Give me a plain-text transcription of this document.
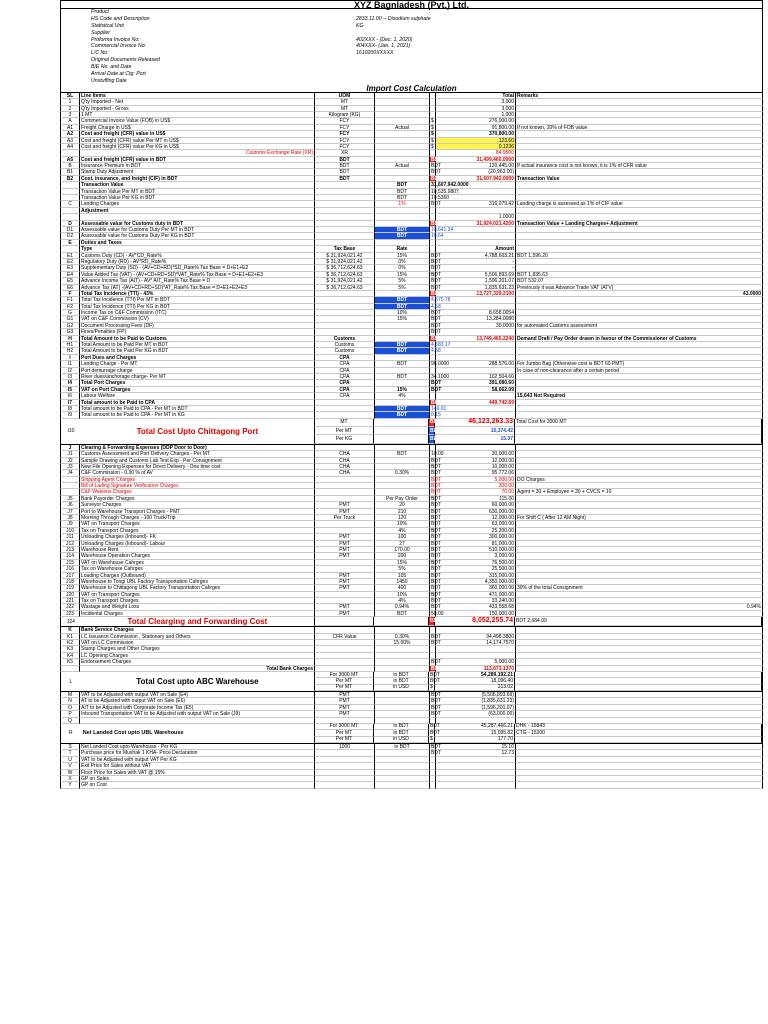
XYZ Bagnladesh (Pvt.) Ltd.
Product
HS Code and Description	2833.11.00 -- Disodium sulphate
Statistical Unit	KG
Supplier
Proforma Invoice No:	402XXX - (Dec. 1, 2020)
Commercial Invoice No:	404XXX- (Jan. 1, 2021)
L/C No:	1610200XXXXX
Original Documents Released
B/E No. and Date
Arrival Date at Ctg: Port
Unstuffing Date
Import Cost Calculation
SL	Line Items	UOM	Total Remarks
1	Q'ty Imported - Net	MT	3,000
2	Q'ty Imported - Gross	MT	3,000
3	1 MT	Kilogram (KG)	1,000
A	Commercial Invoice Value (FOB) in US$	FCY	$	276,000.00
A1	Freight Charge in US$	FCY	Actual	$	91,800.00 If not known, 20% of FOB value
A2	Cost and freight (CFR) value in US$	FCY	$	370,800.00
A3	Cost and freight (CFR) value Per MT in US$	FCY	$	123.60
A4	Cost and freight (CFR) value Per KG in US$	FCY	$	0.1236
Customs Exchange Rate (XR)	XR	84.9500
A5	Cost and freight (CFR) value in BDT	BDT	BDT	31,499,460.0000
B	Insurance Premium in BDT	BDT	Actual	BDT	120,445.00 If actual insurance cost is not known, it is 1% of CFR value
B1	Stamp Duty Adjustment	BDT	BDT	(20,963.00)
B2	Cost, insurance, and freight (CIF) in BDT	BDT	BDT	31,607,942.0000 Transaction Value
Transaction Value	BDT	31,607,942.0000
Transaction Value Per MT in BDT	BDT	10,535.9807
Transaction Value Per KG in BDT	BDT	10.5360
C	Landing Charges	1%	BDT	316,079.42 Landing charge is assessed as 1% of CIF value
Adjustment
1.0000
D	Assessable value for Customs duty in BDT	BDT	31,924,021.4200 Transaction Value + Landing Charges+ Adjustment
D1	Assessable value for Customs Duty Per MT in BDT	BDT	10,641.34
D2	Assessable value for Customs Duty Per KG in BDT	BDT	10.64
E	Duties and Taxes
Type	Tax Base	Rate	Amount
E1	Customs Duty (CD) - AV*CD_Rate%	$ 31,924,021.42	15%	BDT	4,788,603.21 BDT 1,596.20
E2	Regulatory Duty (RD) - AV*RD_Rate%	$ 31,924,021.42	0%	BDT	-
E3	Supplementary Duty (SD) - (AV+CD+RD)*SD_Rate% Tax Base = D+E1+E2	$ 36,712,624.63	0%	BDT	-
E4	Value Added Tax (VAT) - (AV+CD+RD+SD)*VAT_Rate% Tax Base = D+E1+E2+E3	$ 36,712,624.63	15%	BDT	5,506,893.69 BDT 1,835.63
E5	Advance Income Tax (AIT) - AV* AIT_Rate% Tax Base = D	$ 31,924,021.42	5%	BDT	1,596,201.07 BDT 532.07
E6	Advance Tax (AT) -(AV+CD+RD+SD)*AT_Rate% Tax Base = D+E1+E2+E3	$ 36,712,624.63	5%	BDT	1,835,631.23 Previously it was Advance Trade VAT (ATV)
F	Total Tax Incidence (TTI) - 43%	BDT	13,727,329.2100	43.0000
F1	Total Tax Incidence (TTI) Per MT in BDT	BDT	4,575.78
F2	Total Tax Incidence (TTI) Per KG in BDT	BDT	4.58
G	Income Tax on C&F Commission (ITC)	10%	BDT	8,658.0054
G1	VAT on C&F Commission (CV)	15%	BDT	13,284.0080
G2	Document Processing Fees (DF)	BDT	30.0000 for automated Customs assessment
G3	Fines/Penalties (FP)	BDT
H	Total Amount to be Paid to Customs	Customs	BDT	13,749,465.2240 Demand Draft / Pay Order drawn in favour of the Commissioner of Customs
H1	Total Amount to be Paid Per MT in BDT	Customs	BDT	4,583.17
H2	Total Amount to be Paid Per KG in BDT	Customs	BDT	4.58
I	Port Dues and Charges	CPA
I1	Landing Charge - Per MT	CPA	BDT	96.0000	288,576.00 For Jumbo Bag (Otherwise cost is BDT 60 PMT)
I2	Port demurrage charge	CPA	In case of non-clearance after a certain period
I3	River dues/anchorage charge- Per MT	CPA	BDT	34.1000	102,504.60
I4	Total Port Charges	CPA	BDT	391,080.60
I5	VAT on Port Charges	CPA	15%	BDT	58,662.09
I6	Labour Welfare	CPA	4%	15,643 Not Required
I7	Total amount to be Paid to CPA	BDT	449,742.69
I8	Total amount to be Paid to CPA - Per MT in BDT	BDT	149.91
I9	Total amount to be Paid to CPA - Per MT in KG	BDT	0.15
I10	Total Cost Upto Chittagong Port
MT	BDT	46,123,263.33 Total Cost for 3000 MT
Per MT	BDT	15,374.42
Per KG	BDT	15.37
J	Clearing & Forwarding Expenses (DDP Door to Door)
J1	Customs Assessment and Port Delivery Charges - Per MT	CHA	BDT	10.00	30,000.00
J2	Sample Drawing and Customs Lab Test Exp - Per Consignment	CHA	BDT	12,000.00
J3	New File Opening Expenses for Direct Delivery - One time cost	CHA	BDT	10,000.00
J4	C&F Commission - 0.30 % of AV	CHA	0.30%	BDT	95,772.06
Shipping Agent Charges	BDT	5,000.00 DO Charges
Bill of Lading Signature Verification Charges	BDT	300.00
C&F Wakiens Charges	BDT	70.00 Agent = 30 + Employee = 30 + CVCS = 10
J5	Bank Payorder Charges	Per Pay Order	BDT	115.00
J6	Surveyor Charges	PMT	20	BDT	60,000.00
J7	Port to Warehouse Transport Charges - PMT	PMT	210	BDT	630,000.00
J8	Morning Through Charges - 100 Truck/Trip	Per Truck	120	BDT	12,000.00 For Shift C ( After 12 AM Night)
J9	VAT on Transport Charges	10%	BDT	63,000.00
J10	Tax on Transport Charges	4%	BDT	25,200.00
J11	Unloading Charges (Inbound)- FK	PMT	100	BDT	300,000.00
J12	Unloading Charges (Inbound)- Labour	PMT	27	BDT	81,000.00
J13	Warehouse Rent	PMT	170.00	BDT	510,000.00
J14	Warehouse Operation Charges	PMT	200	BDT	3,000.00
J15	VAT on Warehouse Cahrges	15%	BDT	76,500.00
J16	Tax on Warehouse Cahrges	5%	BDT	25,500.00
J17	Loading Charges (Outbound)	PMT	105	BDT	315,000.00
J18	Warehouse to Tongi UBL Factory Transportation Cahrges	PMT	1450	BDT	4,350,000.00
J19	Warehouse to Chittagong UBL Factory Transportation Cahrges	PMT	400	BDT	360,000.00 30% of the total Consignment
J20	VAT on Transport Charges	10%	BDT	471,000.00
J21	Tax on Transport Charges	4%	BDT	33,240.00
J22	Wastage and Weight Loss	PMT	0.94%	BDT	433,558.68	0.94%
J23	Incidental Charges	PMT	BDT	50.00	150,000.00
J24	Total Clearging and Forwarding Cost	BDT	8,052,255.74 BDT 2,684.09
K	Bank Service Charges
K1	LC Issuance Commission , Stationary and Others	CFR Value	0.30%	BDT	94,498.3800
K2	VAT on LC Commission	15.00%	BDT	14,174.7570
K3	Stamp Charges and Other Charges
K4	LC Opening Charges
K5	Endorsement Charges	BDT	5,000.00
Total Bank Charges	BDT	113,673.1370
L	Total Cost upto ABC Warehouse
For 3000 MT	in BDT	BDT	54,289,192.21
Per MT	in BDT	BDT	18,096.40
Per MT	in USD	$	213.02
M	VAT to be Adjusted with output VAT on Sale (E4)	PMT	BDT	(5,506,893.69)
N	AT to be Adjusted with output VAT on Sale (E6)	PMT	BDT	(1,835,631.23)
O	AIT to be Adjusted with Corporate Income Tax (E5)	PMT	BDT	(1,596,201.07)
P	Inbound Transportation VAT to be Adjusted with output VAT on Sale (J9)	PMT	BDT	(63,000.00)
Q
R	Net Landed Cost upto UBL Warehouse
For 3000 MT	in BDT	BDT	45,287,466.21 DHK - 15843
Per MT	in BDT	BDT	15,095.82 CTG - 15200
Per MT	in USD	$	177.70
S	Net Landed Cost upto Warehouse - Per KG	1000	in BDT	BDT	15.10
T	Purchase price for Mushak 1 KHA- Price Declaration	BDT	12.73
U	VAT to be Adjusted with output VAT Per KG
V	Exit Price for Sales without VAT
W	Floor Price for Sales with VAT @ 15%
X	GP on Sales
Y	GP on Cost
